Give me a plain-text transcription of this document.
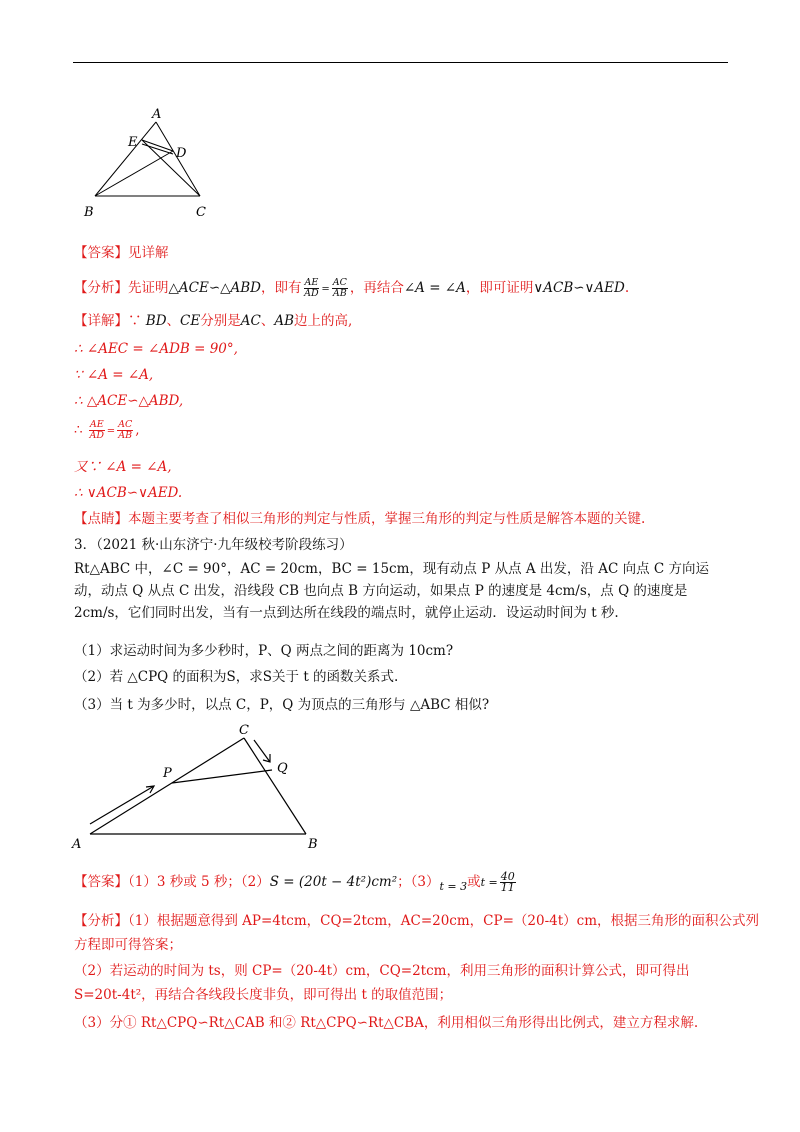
A
E
D
B	C
【答案】见详解
【分析】先证明△ACE∽△ABD，即有 $\frac{AE}{AD} = \frac{AC}{AB}$ ，再结合∠A = ∠A，即可证明∨ACB∽∨AED.
【详解】∵ BD、CE分别是AC、AB边上的高,
∴ ∠AEC = ∠ADB = 90°,
∵ ∠A = ∠A,
∴ △ACE∽△ABD,
∴ $\frac{AE}{AD} = \frac{AC}{AB}$ ,
又∵ ∠A = ∠A,
∴ ∨ACB∽∨AED.
【点睛】本题主要考查了相似三角形的判定与性质，掌握三角形的判定与性质是解答本题的关键.
3．（2021 秋·山东济宁·九年级校考阶段练习）
Rt△ABC 中，∠C = 90°，AC = 20cm，BC = 15cm，现有动点 P 从点 A 出发，沿 AC 向点 C 方向运动，动点 Q 从点 C 出发，沿线段 CB 也向点 B 方向运动，如果点 P 的速度是 4cm/s，点 Q 的速度是 2cm/s，它们同时出发，当有一点到达所在线段的端点时，就停止运动．设运动时间为 t 秒.
（1）求运动时间为多少秒时，P、Q 两点之间的距离为 10cm?
（2）若 △CPQ 的面积为S，求S关于 t 的函数关系式.
（3）当 t 为多少时，以点 C，P，Q 为顶点的三角形与 △ABC 相似?
C
P	Q
A	B
【答案】（1）3 秒或 5 秒；（2）S = (20t − 4t²)cm²；$(3)_{t = 3}$或$t = \frac{40}{11}$
【分析】（1）根据题意得到 AP=4tcm，CQ=2tcm，AC=20cm，CP=（20-4t）cm，根据三角形的面积公式列
方程即可得答案；
（2）若运动的时间为 ts，则 CP=（20-4t）cm，CQ=2tcm，利用三角形的面积计算公式，即可得出
S=20t-4t²，再结合各线段长度非负，即可得出 t 的取值范围；
（3）分① Rt△CPQ∽Rt△CAB 和② Rt△CPQ∽Rt△CBA，利用相似三角形得出比例式，建立方程求解.
